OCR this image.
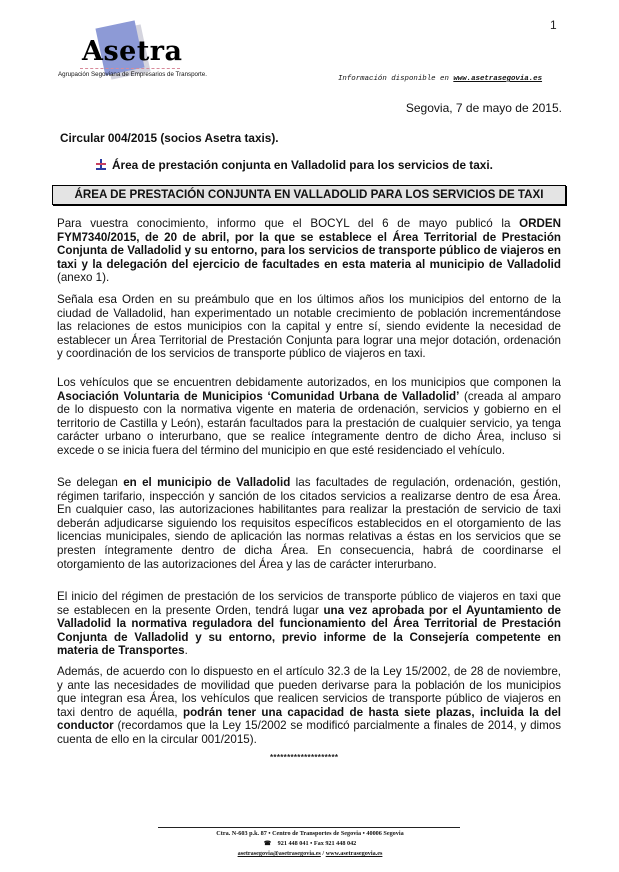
Asetra
Agrupación Segoviana de Empresarios de Transporte.
1
Información disponible en www.asetrasegovia.es
Segovia, 7 de mayo de 2015.
Circular 004/2015 (socios Asetra taxis).
Área de prestación conjunta en Valladolid para los servicios de taxi.
ÁREA DE PRESTACIÓN CONJUNTA EN VALLADOLID PARA LOS SERVICIOS DE TAXI
Para vuestra conocimiento, informo que el BOCYL del 6 de mayo publicó la ORDEN FYM7340/2015, de 20 de abril, por la que se establece el Área Territorial de Prestación Conjunta de Valladolid y su entorno, para los servicios de transporte público de viajeros en taxi y la delegación del ejercicio de facultades en esta materia al municipio de Valladolid (anexo 1).
Señala esa Orden en su preámbulo que en los últimos años los municipios del entorno de la ciudad de Valladolid, han experimentado un notable crecimiento de población incrementándose las relaciones de estos municipios con la capital y entre sí, siendo evidente la necesidad de establecer un Área Territorial de Prestación Conjunta para lograr una mejor dotación, ordenación y coordinación de los servicios de transporte público de viajeros en taxi.
Los vehículos que se encuentren debidamente autorizados, en los municipios que componen la Asociación Voluntaria de Municipios ‘Comunidad Urbana de Valladolid’ (creada al amparo de lo dispuesto con la normativa vigente en materia de ordenación, servicios y gobierno en el territorio de Castilla y León), estarán facultados para la prestación de cualquier servicio, ya tenga carácter urbano o interurbano, que se realice íntegramente dentro de dicho Área, incluso si excede o se inicia fuera del término del municipio en que esté residenciado el vehículo.
Se delegan en el municipio de Valladolid las facultades de regulación, ordenación, gestión, régimen tarifario, inspección y sanción de los citados servicios a realizarse dentro de esa Área. En cualquier caso, las autorizaciones habilitantes para realizar la prestación de servicio de taxi deberán adjudicarse siguiendo los requisitos específicos establecidos en el otorgamiento de las licencias municipales, siendo de aplicación las normas relativas a éstas en los servicios que se presten íntegramente dentro de dicha Área. En consecuencia, habrá de coordinarse el otorgamiento de las autorizaciones del Área y las de carácter interurbano.
El inicio del régimen de prestación de los servicios de transporte público de viajeros en taxi que se establecen en la presente Orden, tendrá lugar una vez aprobada por el Ayuntamiento de Valladolid la normativa reguladora del funcionamiento del Área Territorial de Prestación Conjunta de Valladolid y su entorno, previo informe de la Consejería competente en materia de Transportes.
Además, de acuerdo con lo dispuesto en el artículo 32.3 de la Ley 15/2002, de 28 de noviembre, y ante las necesidades de movilidad que pueden derivarse para la población de los municipios que integran esa Área, los vehículos que realicen servicios de transporte público de viajeros en taxi dentro de aquélla, podrán tener una capacidad de hasta siete plazas, incluida la del conductor (recordamos que la Ley 15/2002 se modificó parcialmente a finales de 2014, y dimos cuenta de ello en la circular 001/2015).
********************
Ctra. N-603 p.k. 87 • Centro de Transportes de Segovia • 40006 Segovia
☎ 921 448 041 • Fax 921 448 042
asetrasegovia@asetrasegovia.es / www.asetrasegovia.es
